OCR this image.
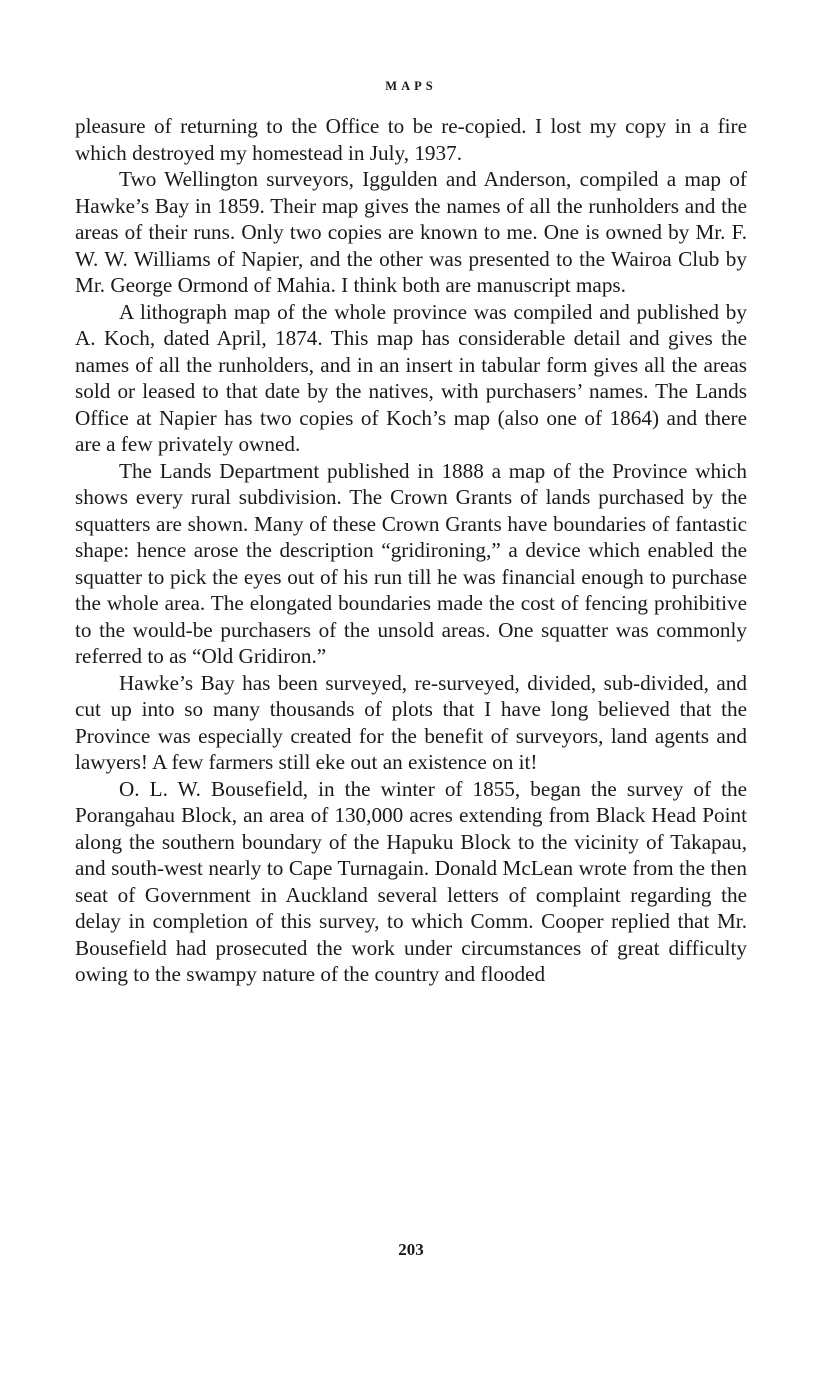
MAPS

pleasure of returning to the Office to be re-copied. I lost my copy in a fire which destroyed my homestead in July, 1937.

Two Wellington surveyors, Iggulden and Anderson, compiled a map of Hawke’s Bay in 1859. Their map gives the names of all the runholders and the areas of their runs. Only two copies are known to me. One is owned by Mr. F. W. W. Williams of Napier, and the other was presented to the Wairoa Club by Mr. George Ormond of Mahia. I think both are manuscript maps.

A lithograph map of the whole province was compiled and published by A. Koch, dated April, 1874. This map has considerable detail and gives the names of all the runholders, and in an insert in tabular form gives all the areas sold or leased to that date by the natives, with purchasers’ names. The Lands Office at Napier has two copies of Koch’s map (also one of 1864) and there are a few privately owned.

The Lands Department published in 1888 a map of the Province which shows every rural subdivision. The Crown Grants of lands purchased by the squatters are shown. Many of these Crown Grants have boundaries of fantastic shape: hence arose the description “gridironing,” a device which enabled the squatter to pick the eyes out of his run till he was financial enough to purchase the whole area. The elongated boundaries made the cost of fencing prohibitive to the would-be purchasers of the unsold areas. One squatter was commonly referred to as “Old Gridiron.”

Hawke’s Bay has been surveyed, re-surveyed, divided, sub-divided, and cut up into so many thousands of plots that I have long believed that the Province was especially created for the benefit of surveyors, land agents and lawyers! A few farmers still eke out an existence on it!

O. L. W. Bousefield, in the winter of 1855, began the survey of the Porangahau Block, an area of 130,000 acres extending from Black Head Point along the southern boundary of the Hapuku Block to the vicinity of Takapau, and south-west nearly to Cape Turnagain. Donald McLean wrote from the then seat of Government in Auckland several letters of complaint regarding the delay in completion of this survey, to which Comm. Cooper replied that Mr. Bousefield had prosecuted the work under circumstances of great difficulty owing to the swampy nature of the country and flooded

203
